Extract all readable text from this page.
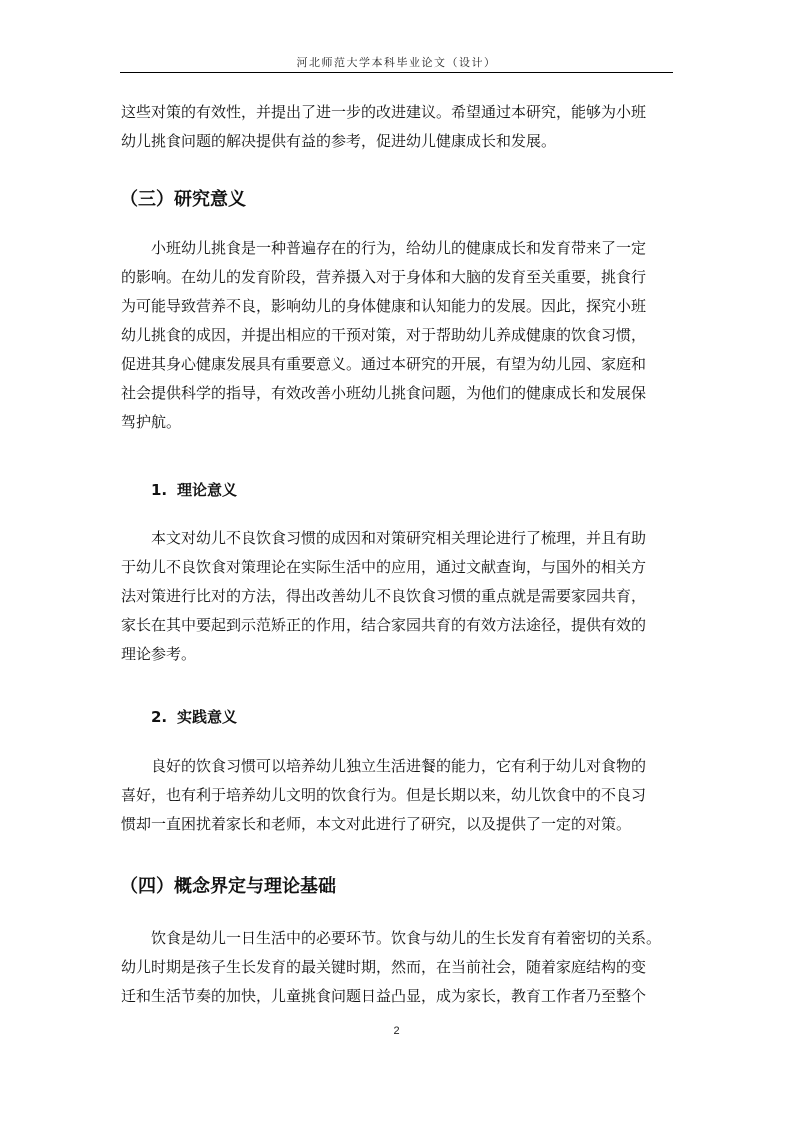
河北师范大学本科毕业论文（设计）
这些对策的有效性，并提出了进一步的改进建议。希望通过本研究，能够为小班
幼儿挑食问题的解决提供有益的参考，促进幼儿健康成长和发展。
（三）研究意义
　　小班幼儿挑食是一种普遍存在的行为，给幼儿的健康成长和发育带来了一定
的影响。在幼儿的发育阶段，营养摄入对于身体和大脑的发育至关重要，挑食行
为可能导致营养不良，影响幼儿的身体健康和认知能力的发展。因此，探究小班
幼儿挑食的成因，并提出相应的干预对策，对于帮助幼儿养成健康的饮食习惯，
促进其身心健康发展具有重要意义。通过本研究的开展，有望为幼儿园、家庭和
社会提供科学的指导，有效改善小班幼儿挑食问题，为他们的健康成长和发展保
驾护航。
1. 理论意义
　　本文对幼儿不良饮食习惯的成因和对策研究相关理论进行了梳理，并且有助
于幼儿不良饮食对策理论在实际生活中的应用，通过文献查询，与国外的相关方
法对策进行比对的方法，得出改善幼儿不良饮食习惯的重点就是需要家园共育，
家长在其中要起到示范矫正的作用，结合家园共育的有效方法途径，提供有效的
理论参考。
2. 实践意义
　　良好的饮食习惯可以培养幼儿独立生活进餐的能力，它有利于幼儿对食物的
喜好，也有利于培养幼儿文明的饮食行为。但是长期以来，幼儿饮食中的不良习
惯却一直困扰着家长和老师，本文对此进行了研究，以及提供了一定的对策。
（四）概念界定与理论基础
　　饮食是幼儿一日生活中的必要环节。饮食与幼儿的生长发育有着密切的关系。
幼儿时期是孩子生长发育的最关键时期，然而，在当前社会，随着家庭结构的变
迁和生活节奏的加快，儿童挑食问题日益凸显，成为家长，教育工作者乃至整个
2
